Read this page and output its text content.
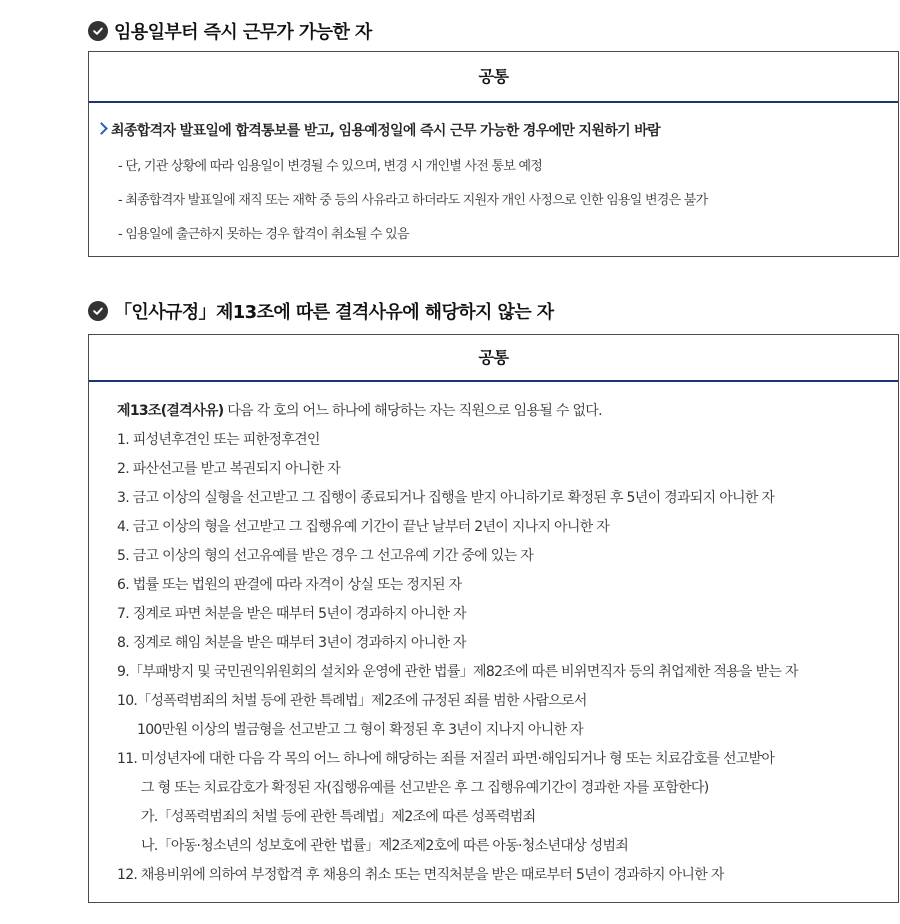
임용일부터 즉시 근무가 가능한 자
공통
최종합격자 발표일에 합격통보를 받고, 임용예정일에 즉시 근무 가능한 경우에만 지원하기 바람
- 단, 기관 상황에 따라 임용일이 변경될 수 있으며, 변경 시 개인별 사전 통보 예정
- 최종합격자 발표일에 재직 또는 재학 중 등의 사유라고 하더라도 지원자 개인 사정으로 인한 임용일 변경은 불가
- 임용일에 출근하지 못하는 경우 합격이 취소될 수 있음
「인사규정」제13조에 따른 결격사유에 해당하지 않는 자
공통
제13조(결격사유) 다음 각 호의 어느 하나에 해당하는 자는 직원으로 임용될 수 없다.
1. 피성년후견인 또는 피한정후견인
2. 파산선고를 받고 복권되지 아니한 자
3. 금고 이상의 실형을 선고받고 그 집행이 종료되거나 집행을 받지 아니하기로 확정된 후 5년이 경과되지 아니한 자
4. 금고 이상의 형을 선고받고 그 집행유예 기간이 끝난 날부터 2년이 지나지 아니한 자
5. 금고 이상의 형의 선고유예를 받은 경우 그 선고유예 기간 중에 있는 자
6. 법률 또는 법원의 판결에 따라 자격이 상실 또는 정지된 자
7. 징계로 파면 처분을 받은 때부터 5년이 경과하지 아니한 자
8. 징계로 해임 처분을 받은 때부터 3년이 경과하지 아니한 자
9.「부패방지 및 국민권익위원회의 설치와 운영에 관한 법률」제82조에 따른 비위면직자 등의 취업제한 적용을 받는 자
10.「성폭력범죄의 처벌 등에 관한 특례법」제2조에 규정된 죄를 범한 사람으로서
100만원 이상의 벌금형을 선고받고 그 형이 확정된 후 3년이 지나지 아니한 자
11. 미성년자에 대한 다음 각 목의 어느 하나에 해당하는 죄를 저질러 파면·해임되거나 형 또는 치료감호를 선고받아
그 형 또는 치료감호가 확정된 자(집행유예를 선고받은 후 그 집행유예기간이 경과한 자를 포함한다)
가.「성폭력범죄의 처벌 등에 관한 특례법」제2조에 따른 성폭력범죄
나.「아동·청소년의 성보호에 관한 법률」제2조제2호에 따른 아동·청소년대상 성범죄
12. 채용비위에 의하여 부정합격 후 채용의 취소 또는 면직처분을 받은 때로부터 5년이 경과하지 아니한 자
